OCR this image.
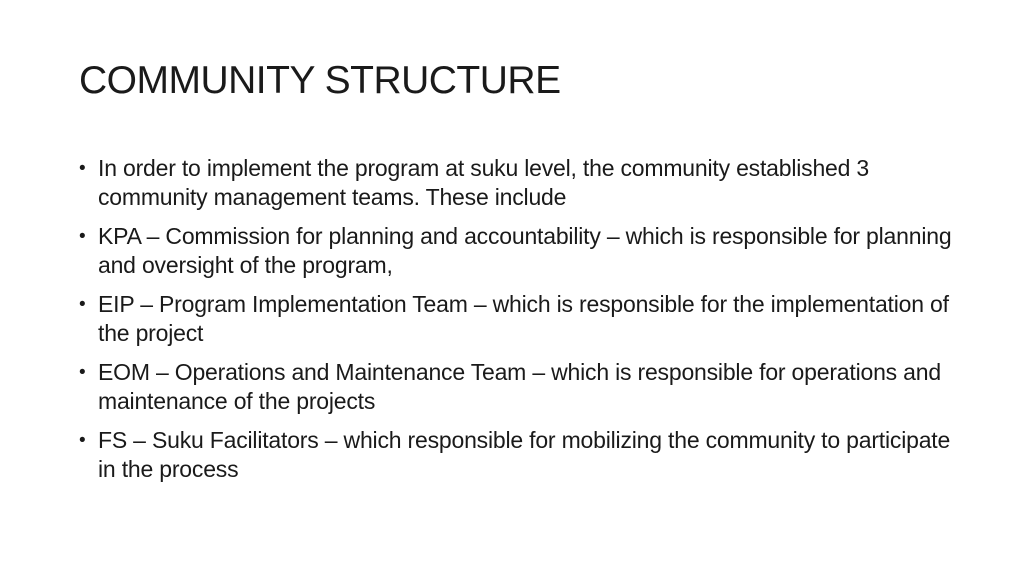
COMMUNITY STRUCTURE
• In order to implement the program at suku level, the community established 3 community management teams. These include
• KPA – Commission for planning and accountability – which is responsible for planning and oversight of the program,
• EIP – Program Implementation Team – which is responsible for the implementation of the project
• EOM – Operations and Maintenance Team – which is responsible for operations and maintenance of the projects
• FS – Suku Facilitators – which responsible for mobilizing the community to participate in the process
